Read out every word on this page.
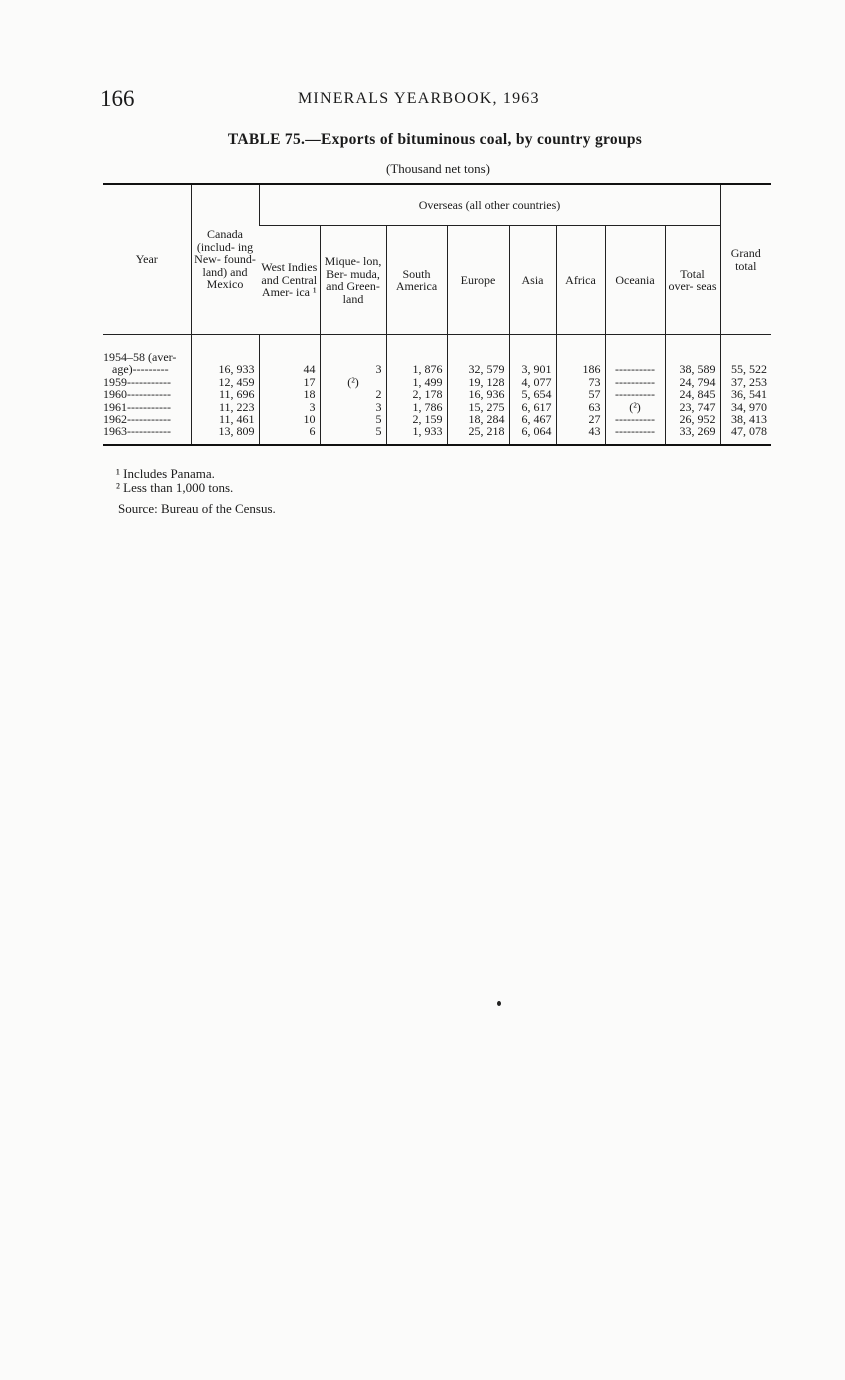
166	MINERALS YEARBOOK, 1963
TABLE 75.—Exports of bituminous coal, by country groups
(Thousand net tons)
Year	Canada (includ- ing New- found- land) and Mexico	Overseas (all other countries)								Grand total
		West Indies and Central Amer- ica ¹	Mique- lon, Ber- muda, and Green- land	South America	Europe	Asia	Africa	Oceania	Total over- seas	

1954–58 (aver-
age)---------	16, 933	44	3	1, 876	32, 579	3, 901	186	----------	38, 589	55, 522
1959-----------	12, 459	17	(²)	1, 499	19, 128	4, 077	73	----------	24, 794	37, 253
1960-----------	11, 696	18	2	2, 178	16, 936	5, 654	57	----------	24, 845	36, 541
1961-----------	11, 223	3	3	1, 786	15, 275	6, 617	63	(²)	23, 747	34, 970
1962-----------	11, 461	10	5	2, 159	18, 284	6, 467	27	----------	26, 952	38, 413
1963-----------	13, 809	6	5	1, 933	25, 218	6, 064	43	----------	33, 269	47, 078
¹ Includes Panama.
² Less than 1,000 tons.
Source: Bureau of the Census.
